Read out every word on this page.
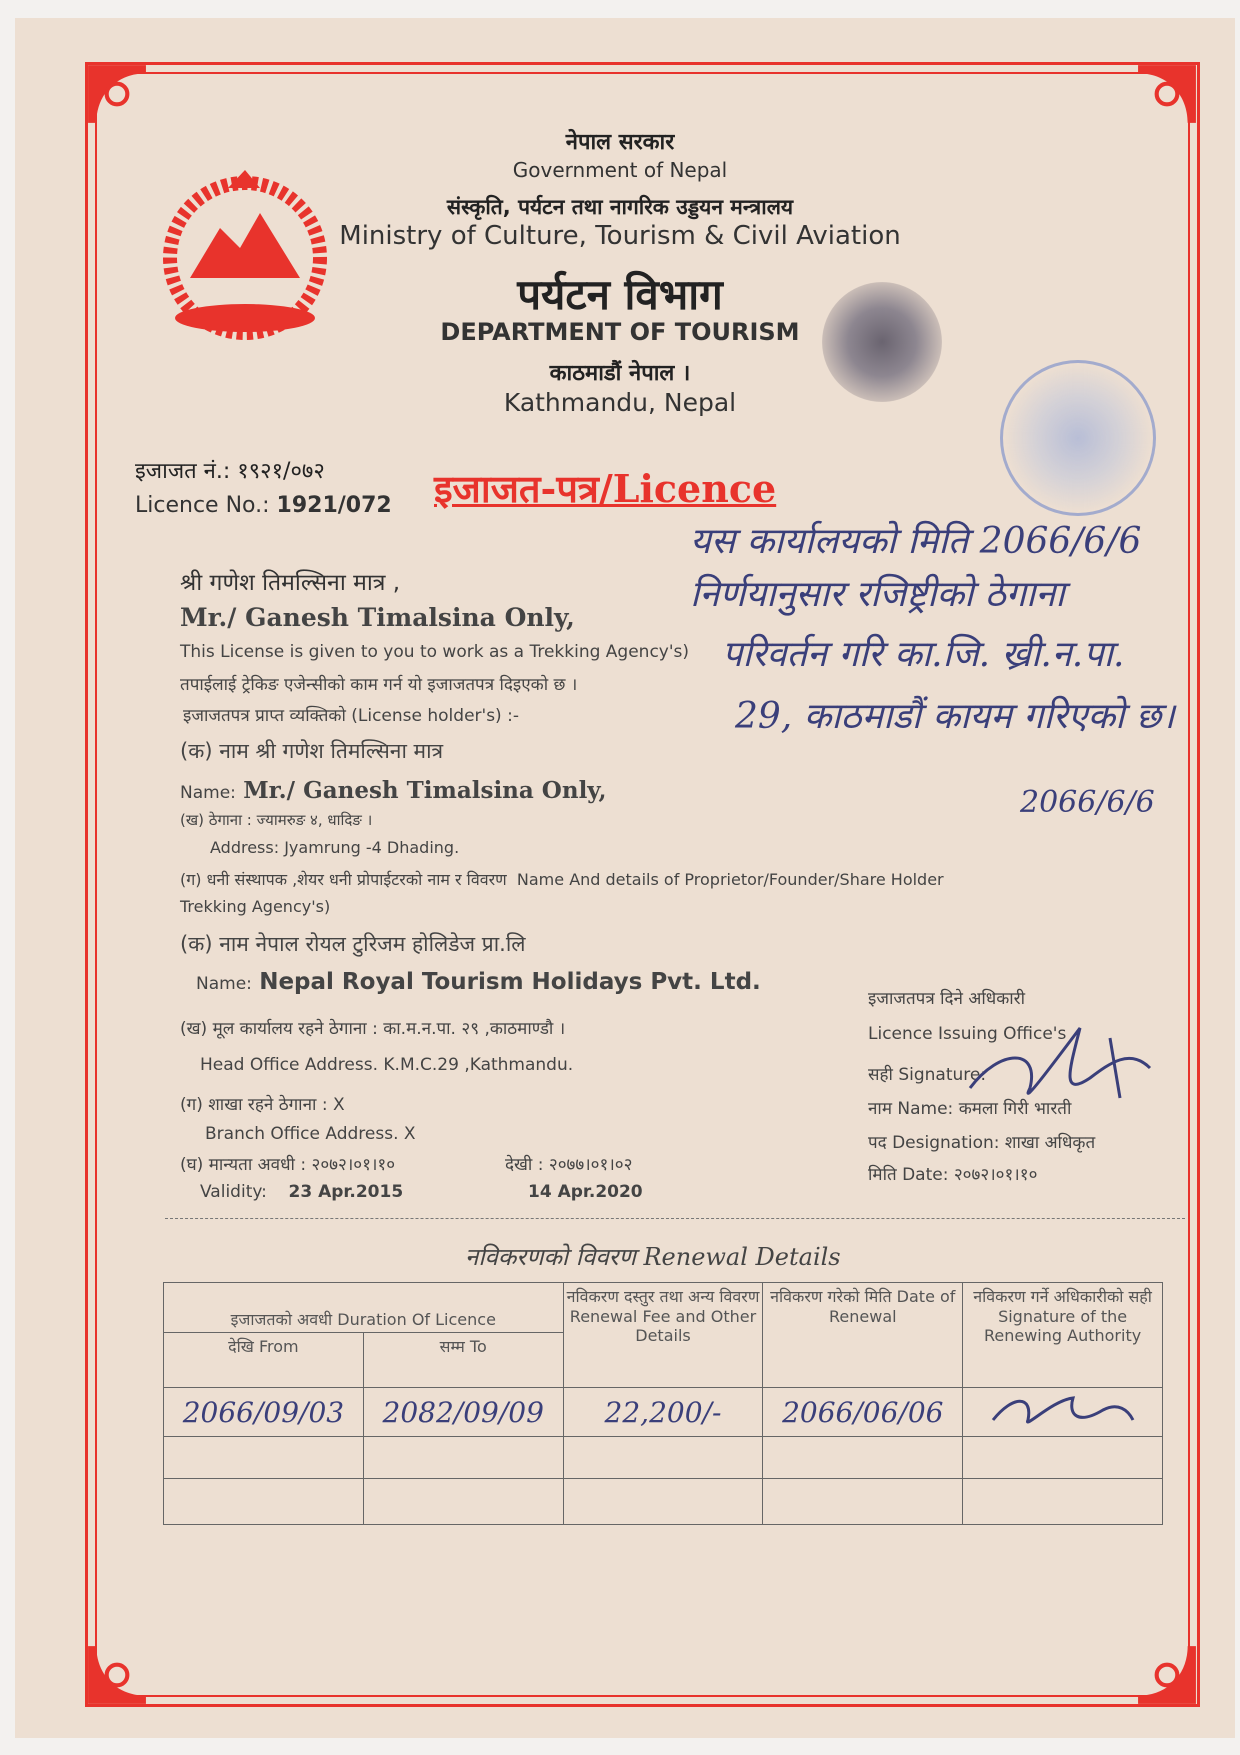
नेपाल सरकार
Government of Nepal
संस्कृति, पर्यटन तथा नागरिक उड्डयन मन्त्रालय
Ministry of Culture, Tourism & Civil Aviation
पर्यटन विभाग
DEPARTMENT OF TOURISM
काठमाडौं नेपाल ।
Kathmandu, Nepal
इजाजत नं.: १९२१/०७२
Licence No.: 1921/072 इजाजत-पत्र/Licence
यस कार्यालयको मिति 2066/6/6
निर्णयानुसार रजिष्ट्रीको ठेगाना
परिवर्तन गरि का.जि. ख्री.न.पा.
29, काठमाडौं कायम गरिएको छ।
2066/6/6
श्री गणेश तिमल्सिना मात्र ,
Mr./ Ganesh Timalsina Only,
This License is given to you to work as a Trekking Agency's)
तपाईलाई ट्रेकिङ एजेन्सीको काम गर्न यो इजाजतपत्र दिइएको छ ।
इजाजतपत्र प्राप्त व्यक्तिको (License holder's) :-
(क) नाम श्री गणेश तिमल्सिना मात्र
Name: Mr./ Ganesh Timalsina Only,
(ख) ठेगाना : ज्यामरुङ ४, धादिङ ।
Address: Jyamrung -4 Dhading.
(ग) धनी संस्थापक ,शेयर धनी प्रोपाईटरको नाम र विवरण Name And details of Proprietor/Founder/Share Holder
Trekking Agency's)
(क) नाम नेपाल रोयल टुरिजम होलिडेज प्रा.लि
Name: Nepal Royal Tourism Holidays Pvt. Ltd.
(ख) मूल कार्यालय रहने ठेगाना : का.म.न.पा. २९ ,काठमाण्डौ ।
Head Office Address. K.M.C.29 ,Kathmandu.
(ग) शाखा रहने ठेगाना : X
Branch Office Address. X
(घ) मान्यता अवधी : २०७२।०१।१०	देखी : २०७७।०१।०२
Validity: 23 Apr.2015	14 Apr.2020
इजाजतपत्र दिने अधिकारी
Licence Issuing Office's
सही Signature:
नाम Name: कमला गिरी भारती
पद Designation: शाखा अधिकृत
मिति Date: २०७२।०१।१०
नविकरणको विवरण Renewal Details
इजाजतको अवधी Duration Of Licence		नविकरण दस्तुर तथा अन्य विवरण Renewal Fee and Other Details	नविकरण गरेको मिति Date of Renewal	नविकरण गर्ने अधिकारीको सही Signature of the Renewing Authority
देखि From	सम्म To			
2066/09/03	2082/09/09	22,200/-	2066/06/06	
